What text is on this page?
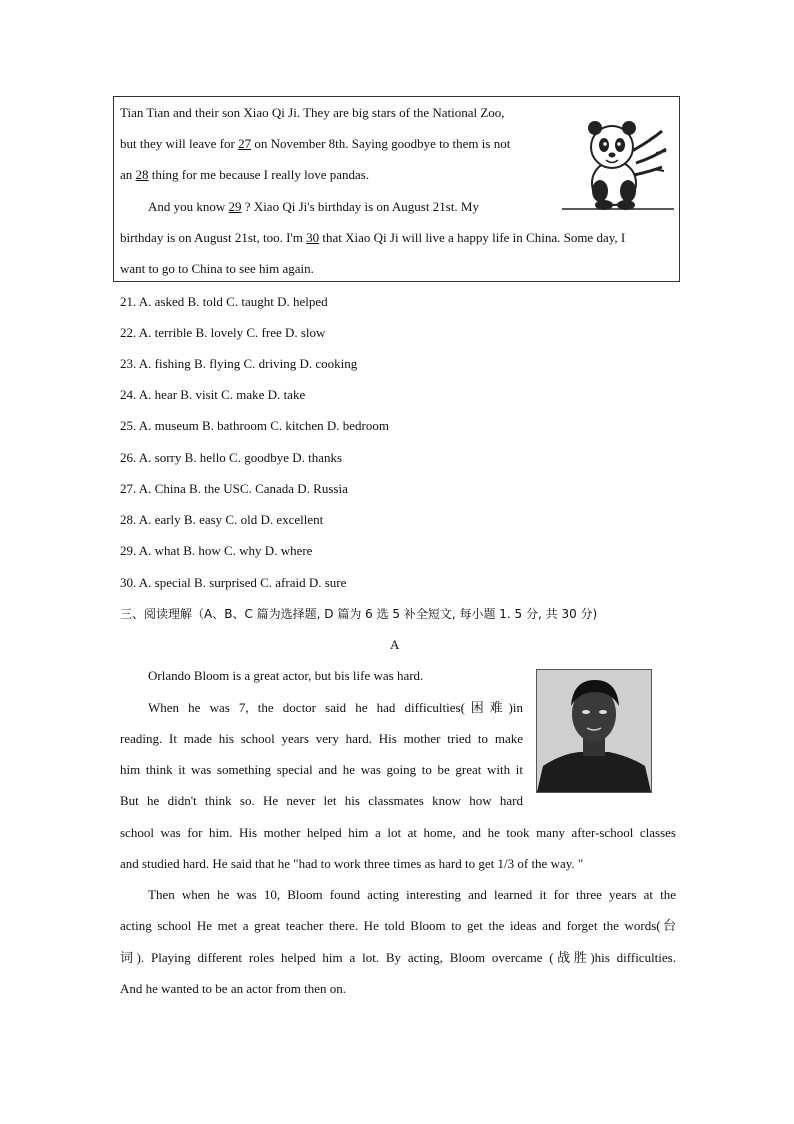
Tian Tian and their son Xiao Qi Ji. They are big stars of the National Zoo,
but they will leave for 27 on November 8th. Saying goodbye to them is not
an 28 thing for me because I really love pandas.
And you know 29 ? Xiao Qi Ji's birthday is on August 21st. My
birthday is on August 21st, too. I'm 30 that Xiao Qi Ji will live a happy life in China. Some day, I
want to go to China to see him again.
21. A. asked B. told C. taught D. helped
22. A. terrible B. lovely C. free D. slow
23. A. fishing B. flying C. driving D. cooking
24. A. hear B. visit C. make D. take
25. A. museum B. bathroom C. kitchen D. bedroom
26. A. sorry B. hello C. goodbye D. thanks
27. A. China B. the USC. Canada D. Russia
28. A. early B. easy C. old D. excellent
29. A. what B. how C. why D. where
30. A. special B. surprised C. afraid D. sure
三、阅读理解（A、B、C 篇为选择题, D 篇为 6 选 5 补全短文, 每小题 1. 5 分, 共 30 分)
A
Orlando Bloom is a great actor, but bis life was hard.
When he was 7, the doctor said he had difficulties(困难)in
reading. It made his school years very hard. His mother tried to make
him think it was something special and he was going to be great with it
But he didn't think so. He never let his classmates know how hard
school was for him. His mother helped him a lot at home, and he took many after-school classes
and studied hard. He said that he "had to work three times as hard to get 1/3 of the way. "
Then when he was 10, Bloom found acting interesting and learned it for three years at the
acting school He met a great teacher there. He told Bloom to get the ideas and forget the words(台
词). Playing different roles helped him a lot. By acting, Bloom overcame (战胜)his difficulties.
And he wanted to be an actor from then on.
